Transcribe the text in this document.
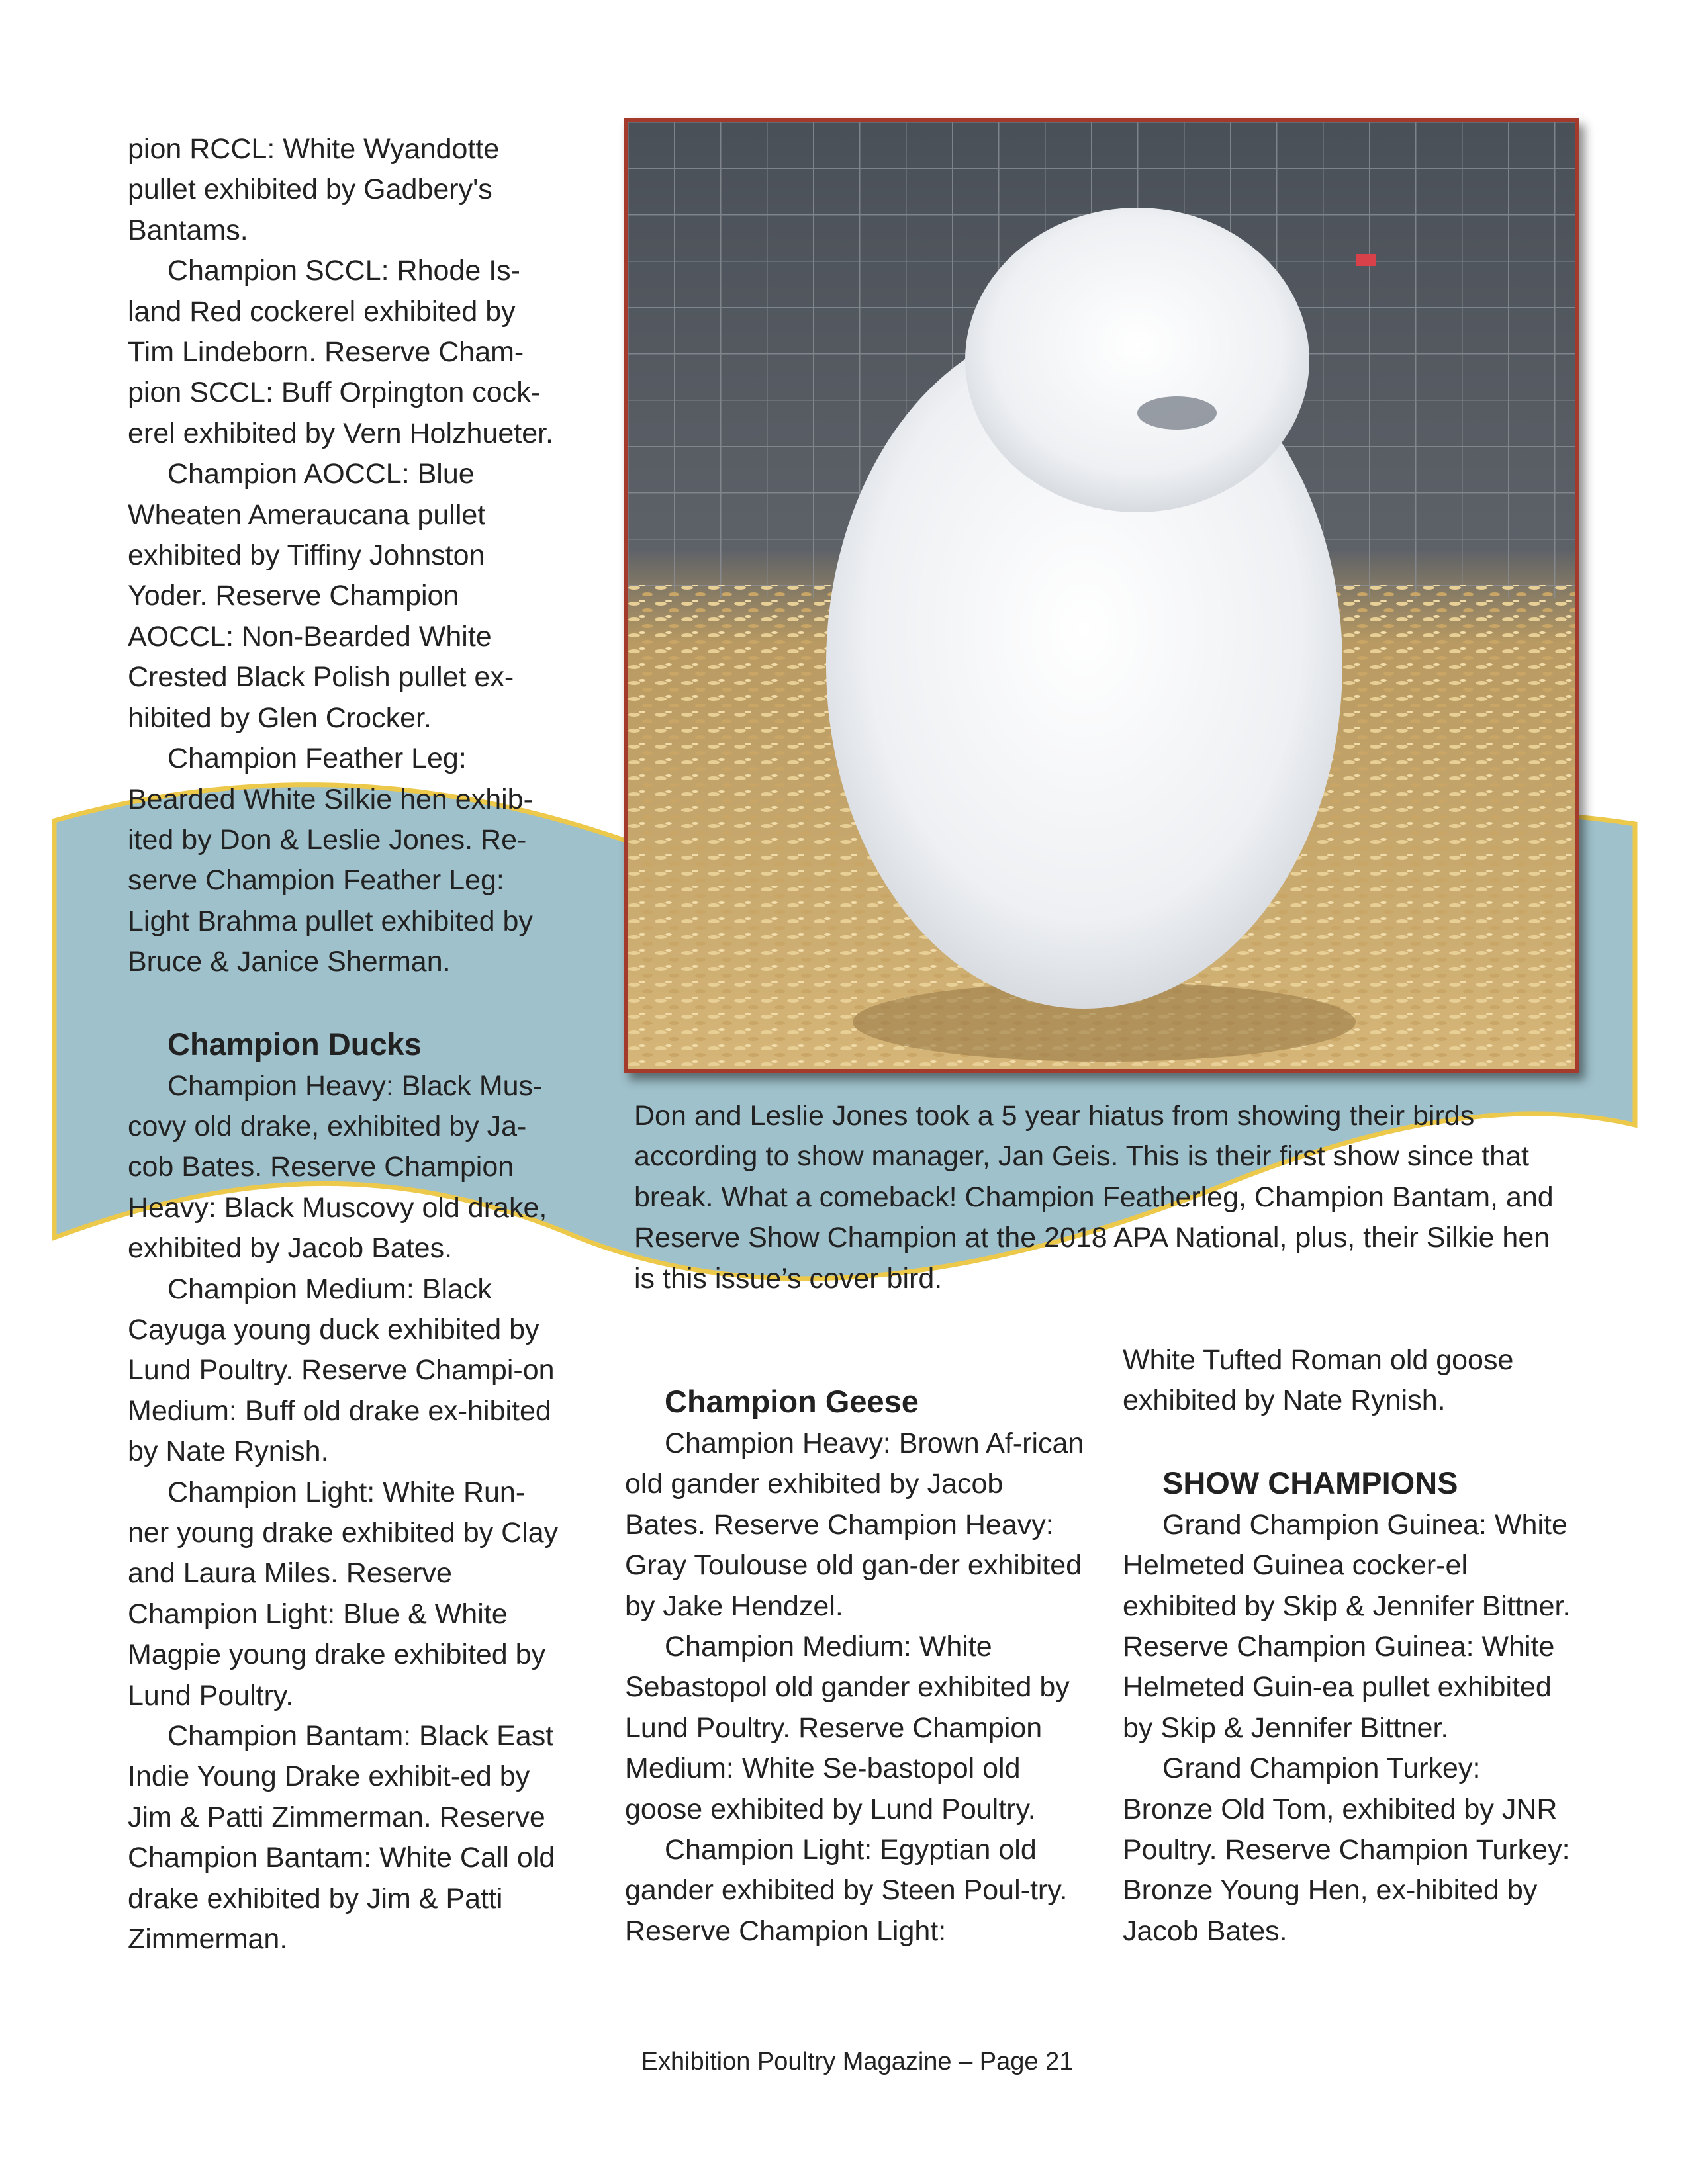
pion RCCL: White Wyandotte pullet exhibited by Gadbery's Bantams.

Champion SCCL: Rhode Is-land Red cockerel exhibited by Tim Lindeborn. Reserve Cham-pion SCCL: Buff Orpington cock-erel exhibited by Vern Holzhueter.

Champion AOCCL: Blue Wheaten Ameraucana pullet exhibited by Tiffiny Johnston Yoder. Reserve Champion AOCCL: Non-Bearded White Crested Black Polish pullet ex-hibited by Glen Crocker.

Champion Feather Leg: Bearded White Silkie hen exhib-ited by Don & Leslie Jones. Re-serve Champion Feather Leg: Light Brahma pullet exhibited by Bruce & Janice Sherman.

Champion Ducks

Champion Heavy: Black Mus-covy old drake, exhibited by Ja-cob Bates. Reserve Champion Heavy: Black Muscovy old drake, exhibited by Jacob Bates.

Champion Medium: Black Cayuga young duck exhibited by Lund Poultry. Reserve Champi-on Medium: Buff old drake ex-hibited by Nate Rynish.

Champion Light: White Run-ner young drake exhibited by Clay and Laura Miles. Reserve Champion Light: Blue & White Magpie young drake exhibited by Lund Poultry.

Champion Bantam: Black East Indie Young Drake exhibit-ed by Jim & Patti Zimmerman. Reserve Champion Bantam: White Call old drake exhibited by Jim & Patti Zimmerman.

Don and Leslie Jones took a 5 year hiatus from showing their birds according to show manager, Jan Geis. This is their first show since that break. What a comeback! Champion Featherleg, Champion Bantam, and Reserve Show Champion at the 2018 APA National, plus, their Silkie hen is this issue’s cover bird.

Champion Geese

Champion Heavy: Brown Af-rican old gander exhibited by Jacob Bates. Reserve Champion Heavy: Gray Toulouse old gan-der exhibited by Jake Hendzel.

Champion Medium: White Sebastopol old gander exhibited by Lund Poultry. Reserve Champion Medium: White Se-bastopol old goose exhibited by Lund Poultry.

Champion Light: Egyptian old gander exhibited by Steen Poul-try. Reserve Champion Light:

White Tufted Roman old goose exhibited by Nate Rynish.

SHOW CHAMPIONS

Grand Champion Guinea: White Helmeted Guinea cocker-el exhibited by Skip & Jennifer Bittner. Reserve Champion Guinea: White Helmeted Guin-ea pullet exhibited by Skip & Jennifer Bittner.

Grand Champion Turkey: Bronze Old Tom, exhibited by JNR Poultry. Reserve Champion Turkey: Bronze Young Hen, ex-hibited by Jacob Bates.

Exhibition Poultry Magazine – Page 21
